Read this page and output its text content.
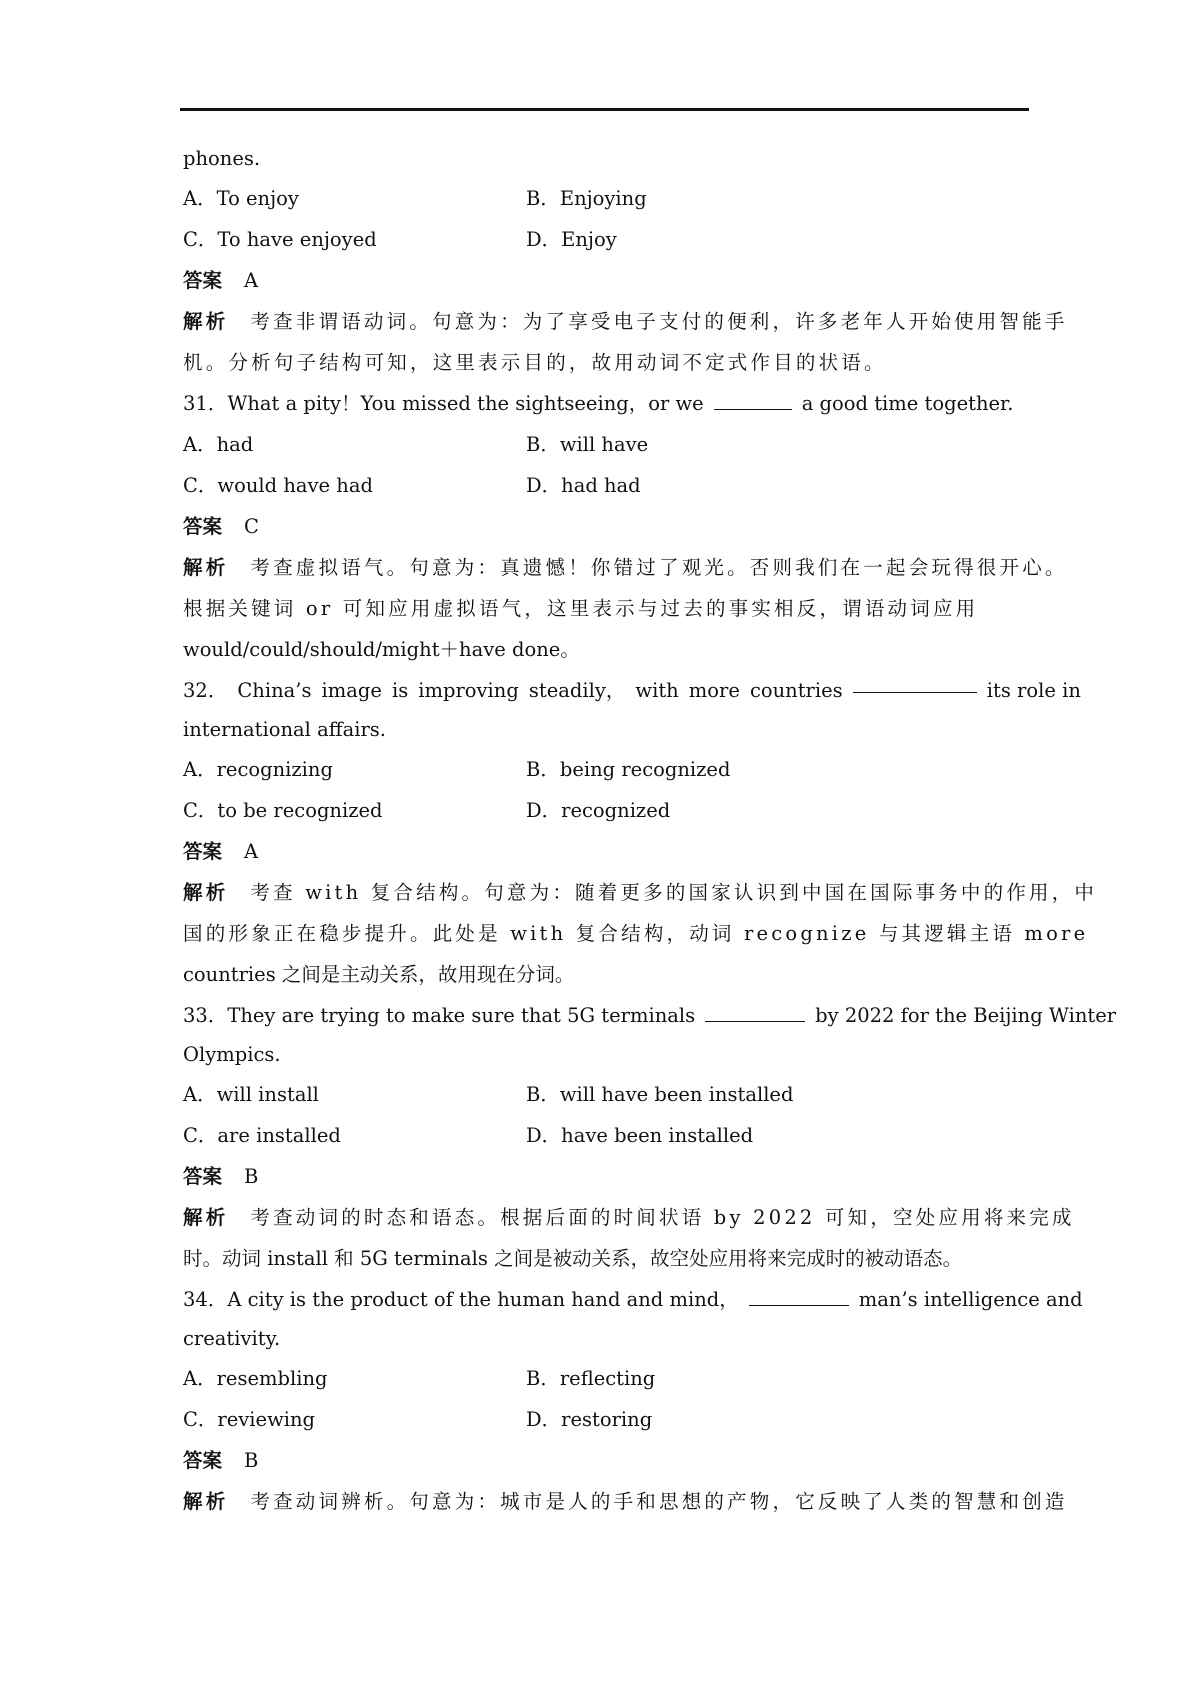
phones.
A．To enjoy	B．Enjoying
C．To have enjoyed	D．Enjoy
答案 A
解析 考查非谓语动词。句意为：为了享受电子支付的便利，许多老年人开始使用智能手
机。分析句子结构可知，这里表示目的，故用动词不定式作目的状语。
31．What a pity！You missed the sightseeing，or we	a good time together.
A．had	B．will have
C．would have had	D．had had
答案 C
解析 考查虚拟语气。句意为：真遗憾！你错过了观光。否则我们在一起会玩得很开心。
根据关键词 or 可知应用虚拟语气，这里表示与过去的事实相反，谓语动词应用
would/could/should/might＋have done。
32． China’s image is improving steadily， with more countries	its role in
international affairs.
A．recognizing	B．being recognized
C．to be recognized	D．recognized
答案 A
解析 考查 with 复合结构。句意为：随着更多的国家认识到中国在国际事务中的作用，中
国的形象正在稳步提升。此处是 with 复合结构，动词 recognize 与其逻辑主语 more
countries 之间是主动关系，故用现在分词。
33．They are trying to make sure that 5G terminals	by 2022 for the Beijing Winter
Olympics.
A．will install	B．will have been installed
C．are installed	D．have been installed
答案 B
解析 考查动词的时态和语态。根据后面的时间状语 by 2022 可知，空处应用将来完成
时。动词 install 和 5G terminals 之间是被动关系，故空处应用将来完成时的被动语态。
34．A city is the product of the human hand and mind，	man’s intelligence and
creativity.
A．resembling	B．reflecting
C．reviewing	D．restoring
答案 B
解析 考查动词辨析。句意为：城市是人的手和思想的产物，它反映了人类的智慧和创造
